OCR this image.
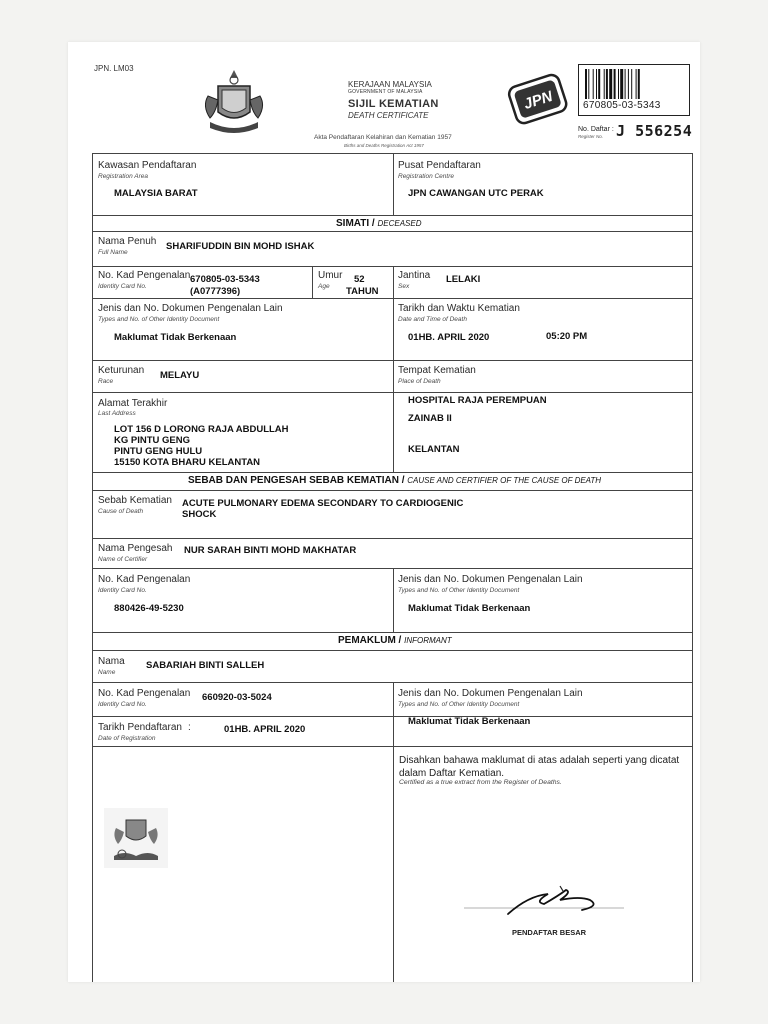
JPN. LM03
KERAJAAN MALAYSIA
GOVERNMENT OF MALAYSIA
SIJIL KEMATIAN
DEATH CERTIFICATE
Akta Pendaftaran Kelahiran dan Kematian 1957
Births and Deaths Registration Act 1957
JPN	670805-03-5343
No. Daftar :
Register No. J 556254
Kawasan Pendaftaran
Registration Area
MALAYSIA BARAT
Pusat Pendaftaran
Registration Centre
JPN CAWANGAN UTC PERAK
SIMATI / DECEASED
Nama Penuh
Full Name
SHARIFUDDIN BIN MOHD ISHAK
No. Kad Pengenalan
Identity Card No.
670805-03-5343
(A0777396)
Umur
Age
52
TAHUN
Jantina
Sex
LELAKI
Jenis dan No. Dokumen Pengenalan Lain
Types and No. of Other Identity Document
Maklumat Tidak Berkenaan
Tarikh dan Waktu Kematian
Date and Time of Death
01HB. APRIL 2020	05:20 PM
Keturunan
Race
MELAYU	Tempat Kematian
Place of Death
HOSPITAL RAJA PEREMPUAN
ZAINAB II
KELANTAN
Alamat Terakhir
Last Address
LOT 156 D LORONG RAJA ABDULLAH
KG PINTU GENG
PINTU GENG HULU
15150 KOTA BHARU KELANTAN
SEBAB DAN PENGESAH SEBAB KEMATIAN / CAUSE AND CERTIFIER OF THE CAUSE OF DEATH
Sebab Kematian
Cause of Death
ACUTE PULMONARY EDEMA SECONDARY TO CARDIOGENIC
SHOCK
Nama Pengesah
Name of Certifier
NUR SARAH BINTI MOHD MAKHATAR
No. Kad Pengenalan
Identity Card No.
880426-49-5230
Jenis dan No. Dokumen Pengenalan Lain
Types and No. of Other Identity Document
Maklumat Tidak Berkenaan
PEMAKLUM / INFORMANT
Nama
Name
SABARIAH BINTI SALLEH
No. Kad Pengenalan
Identity Card No.
660920-03-5024	Jenis dan No. Dokumen Pengenalan Lain
Types and No. of Other Identity Document
Maklumat Tidak Berkenaan
Tarikh Pendaftaran :
Date of Registration
01HB. APRIL 2020
Disahkan bahawa maklumat di atas adalah seperti yang dicatat dalam Daftar Kematian.
Certified as a true extract from the Register of Deaths.
PENDAFTAR BESAR
